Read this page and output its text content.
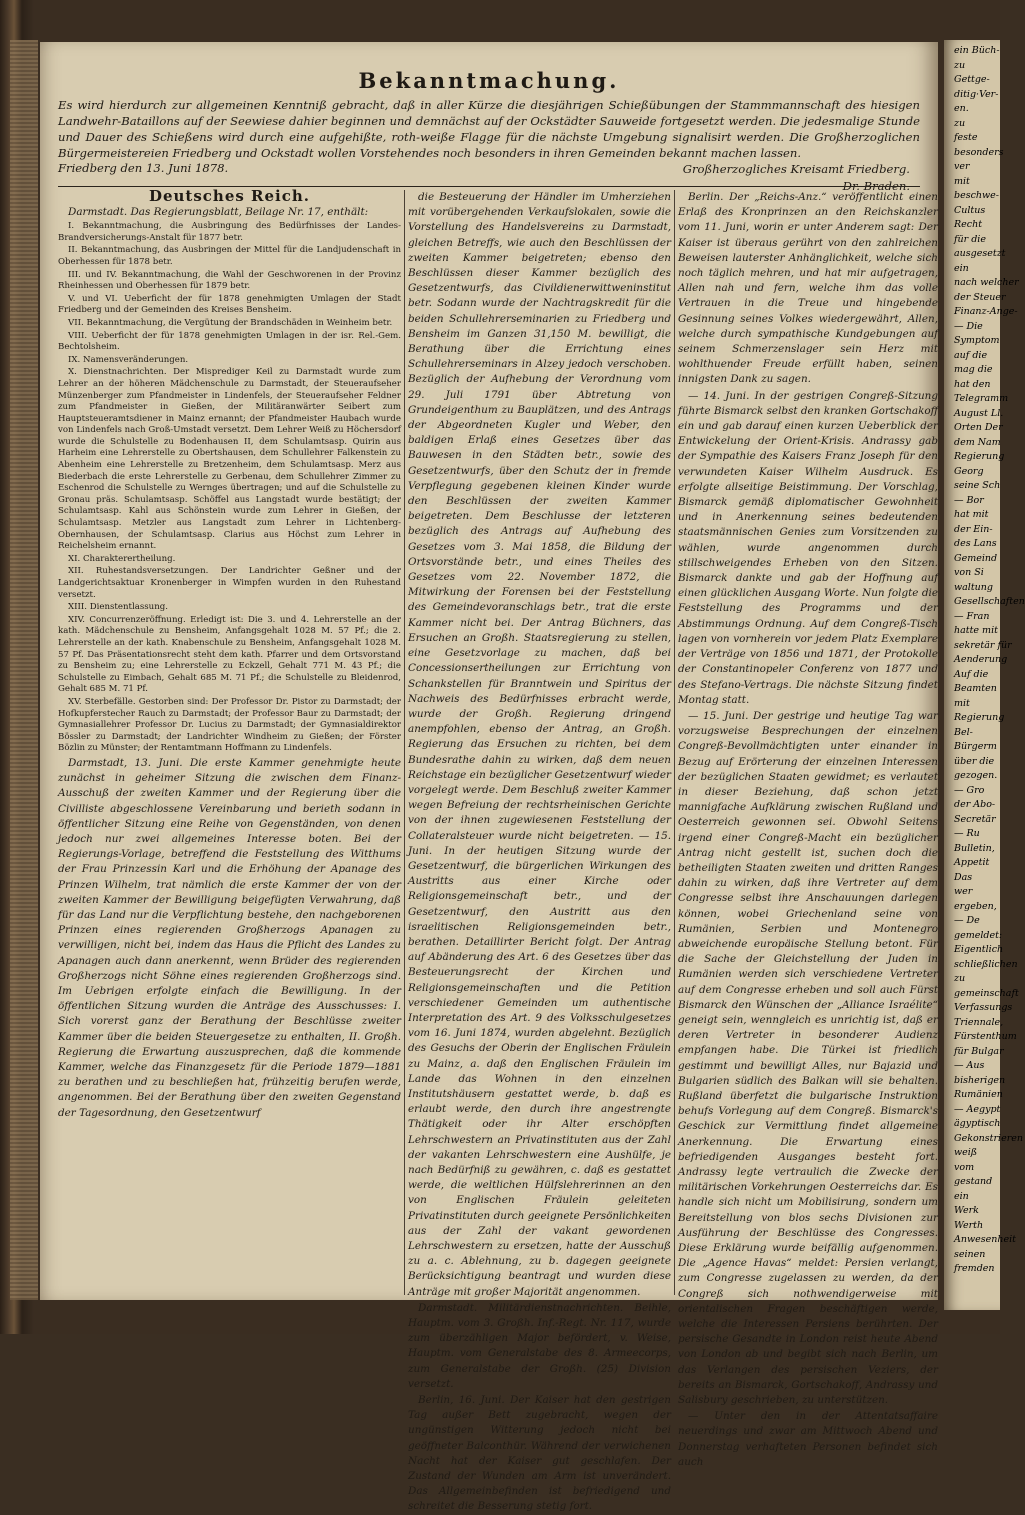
Bekanntmachung.

Es wird hierdurch zur allgemeinen Kenntniß gebracht, daß in aller Kürze die diesjährigen Schießübungen der Stammmannschaft des hiesigen Landwehr-Bataillons auf der Seewiese dahier beginnen und demnächst auf der Ockstädter Sauweide fortgesetzt werden. Die jedesmalige Stunde und Dauer des Schießens wird durch eine aufgehißte, roth-weiße Flagge für die nächste Umgebung signalisirt werden. Die Großherzoglichen Bürgermeistereien Friedberg und Ockstadt wollen Vorstehendes noch besonders in ihren Gemeinden bekannt machen lassen.

Friedberg den 13. Juni 1878.	Großherzogliches Kreisamt Friedberg.
Dr. Braden.
Deutsches Reich.

Darmstadt. Das Regierungsblatt, Beilage Nr. 17, enthält:

I. Bekanntmachung, die Ausbringung des Bedürfnisses der Landes-Brandversicherungs-Anstalt für 1877 betr.

II. Bekanntmachung, das Ausbringen der Mittel für die Landjudenschaft in Oberhessen für 1878 betr.

III. und IV. Bekanntmachung, die Wahl der Geschworenen in der Provinz Rheinhessen und Oberhessen für 1879 betr.

V. und VI. Ueberficht der für 1878 genehmigten Umlagen der Stadt Friedberg und der Gemeinden des Kreises Bensheim.

VII. Bekanntmachung, die Vergütung der Brandschäden in Weinheim betr.

VIII. Ueberficht der für 1878 genehmigten Umlagen in der isr. Rel.-Gem. Bechtolsheim.

IX. Namensveränderungen.

X. Dienstnachrichten. Der Misprediger Keil zu Darmstadt wurde zum Lehrer an der höheren Mädchenschule zu Darmstadt, der Steueraufseher Münzenberger zum Pfandmeister in Lindenfels, der Steueraufseher Feldner zum Pfandmeister in Gießen, der Militäranwärter Seibert zum Hauptsteueramtsdiener in Mainz ernannt; der Pfandmeister Haubach wurde von Lindenfels nach Groß-Umstadt versetzt. Dem Lehrer Weiß zu Höchersdorf wurde die Schulstelle zu Bodenhausen II, dem Schulamtsasp. Quirin aus Harheim eine Lehrerstelle zu Obertshausen, dem Schullehrer Falkenstein zu Abenheim eine Lehrerstelle zu Bretzenheim, dem Schulamtsasp. Merz aus Biederbach die erste Lehrerstelle zu Gerbenau, dem Schullehrer Zimmer zu Eschenrod die Schulstelle zu Wernges übertragen; und auf die Schulstelle zu Gronau präs. Schulamtsasp. Schöffel aus Langstadt wurde bestätigt; der Schulamtsasp. Kahl aus Schönstein wurde zum Lehrer in Gießen, der Schulamtsasp. Metzler aus Langstadt zum Lehrer in Lichtenberg-Obernhausen, der Schulamtsasp. Clarius aus Höchst zum Lehrer in Reichelsheim ernannt.

XI. Charakterertheilung.

XII. Ruhestandsversetzungen. Der Landrichter Geßner und der Landgerichtsaktuar Kronenberger in Wimpfen wurden in den Ruhestand versetzt.

XIII. Dienstentlassung.

XIV. Concurrenzeröffnung. Erledigt ist: Die 3. und 4. Lehrerstelle an der kath. Mädchenschule zu Bensheim, Anfangsgehalt 1028 M. 57 Pf.; die 2. Lehrerstelle an der kath. Knabenschule zu Bensheim, Anfangsgehalt 1028 M. 57 Pf. Das Präsentationsrecht steht dem kath. Pfarrer und dem Ortsvorstand zu Bensheim zu; eine Lehrerstelle zu Eckzell, Gehalt 771 M. 43 Pf.; die Schulstelle zu Eimbach, Gehalt 685 M. 71 Pf.; die Schulstelle zu Bleidenrod, Gehalt 685 M. 71 Pf.

XV. Sterbefälle. Gestorben sind: Der Professor Dr. Pistor zu Darmstadt; der Hofkupferstecher Rauch zu Darmstadt; der Professor Baur zu Darmstadt; der Gymnasiallehrer Professor Dr. Lucius zu Darmstadt; der Gymnasialdirektor Bössler zu Darmstadt; der Landrichter Windheim zu Gießen; der Förster Bözlin zu Münster; der Rentamtmann Hoffmann zu Lindenfels.

Darmstadt, 13. Juni. Die erste Kammer genehmigte heute zunächst in geheimer Sitzung die zwischen dem Finanz-Ausschuß der zweiten Kammer und der Regierung über die Civilliste abgeschlossene Vereinbarung und berieth sodann in öffentlicher Sitzung eine Reihe von Gegenständen, von denen jedoch nur zwei allgemeines Interesse boten. Bei der Regierungs-Vorlage, betreffend die Feststellung des Witthums der Frau Prinzessin Karl und die Erhöhung der Apanage des Prinzen Wilhelm, trat nämlich die erste Kammer der von der zweiten Kammer der Bewilligung beigefügten Verwahrung, daß für das Land nur die Verpflichtung bestehe, den nachgeborenen Prinzen eines regierenden Großherzogs Apanagen zu verwilligen, nicht bei, indem das Haus die Pflicht des Landes zu Apanagen auch dann anerkennt, wenn Brüder des regierenden Großherzogs nicht Söhne eines regierenden Großherzogs sind. Im Uebrigen erfolgte einfach die Bewilligung. In der öffentlichen Sitzung wurden die Anträge des Ausschusses: I. Sich vorerst ganz der Berathung der Beschlüsse zweiter Kammer über die beiden Steuergesetze zu enthalten, II. Großh. Regierung die Erwartung auszusprechen, daß die kommende Kammer, welche das Finanzgesetz für die Periode 1879—1881 zu berathen und zu beschließen hat, frühzeitig berufen werde, angenommen. Bei der Berathung über den zweiten Gegenstand der Tagesordnung, den Gesetzentwurf

die Besteuerung der Händler im Umherziehen mit vorübergehenden Verkaufslokalen, sowie die Vorstellung des Handelsvereins zu Darmstadt, gleichen Betreffs, wie auch den Beschlüssen der zweiten Kammer beigetreten; ebenso den Beschlüssen dieser Kammer bezüglich des Gesetzentwurfs, das Civildienerwittweninstitut betr. Sodann wurde der Nachtragskredit für die beiden Schullehrerseminarien zu Friedberg und Bensheim im Ganzen 31,150 M. bewilligt, die Berathung über die Errichtung eines Schullehrerseminars in Alzey jedoch verschoben. Bezüglich der Aufhebung der Verordnung vom 29. Juli 1791 über Abtretung von Grundeigenthum zu Bauplätzen, und des Antrags der Abgeordneten Kugler und Weber, den baldigen Erlaß eines Gesetzes über das Bauwesen in den Städten betr., sowie des Gesetzentwurfs, über den Schutz der in fremde Verpflegung gegebenen kleinen Kinder wurde den Beschlüssen der zweiten Kammer beigetreten. Dem Beschlusse der letzteren bezüglich des Antrags auf Aufhebung des Gesetzes vom 3. Mai 1858, die Bildung der Ortsvorstände betr., und eines Theiles des Gesetzes vom 22. November 1872, die Mitwirkung der Forensen bei der Feststellung des Gemeindevoranschlags betr., trat die erste Kammer nicht bei. Der Antrag Büchners, das Ersuchen an Großh. Staatsregierung zu stellen, eine Gesetzvorlage zu machen, daß bei Concessionsertheilungen zur Errichtung von Schankstellen für Branntwein und Spiritus der Nachweis des Bedürfnisses erbracht werde, wurde der Großh. Regierung dringend anempfohlen, ebenso der Antrag, an Großh. Regierung das Ersuchen zu richten, bei dem Bundesrathe dahin zu wirken, daß dem neuen Reichstage ein bezüglicher Gesetzentwurf wieder vorgelegt werde. Dem Beschluß zweiter Kammer wegen Befreiung der rechtsrheinischen Gerichte von der ihnen zugewiesenen Feststellung der Collateralsteuer wurde nicht beigetreten. — 15. Juni. In der heutigen Sitzung wurde der Gesetzentwurf, die bürgerlichen Wirkungen des Austritts aus einer Kirche oder Religionsgemeinschaft betr., und der Gesetzentwurf, den Austritt aus den israelitischen Religionsgemeinden betr., berathen. Detaillirter Bericht folgt. Der Antrag auf Abänderung des Art. 6 des Gesetzes über das Besteuerungsrecht der Kirchen und Religionsgemeinschaften und die Petition verschiedener Gemeinden um authentische Interpretation des Art. 9 des Volksschulgesetzes vom 16. Juni 1874, wurden abgelehnt. Bezüglich des Gesuchs der Oberin der Englischen Fräulein zu Mainz, a. daß den Englischen Fräulein im Lande das Wohnen in den einzelnen Institutshäusern gestattet werde, b. daß es erlaubt werde, den durch ihre angestrengte Thätigkeit oder ihr Alter erschöpften Lehrschwestern an Privatinstituten aus der Zahl der vakanten Lehrschwestern eine Aushülfe, je nach Bedürfniß zu gewähren, c. daß es gestattet werde, die weltlichen Hülfslehrerinnen an den von Englischen Fräulein geleiteten Privatinstituten durch geeignete Persönlichkeiten aus der Zahl der vakant gewordenen Lehrschwestern zu ersetzen, hatte der Ausschuß zu a. c. Ablehnung, zu b. dagegen geeignete Berücksichtigung beantragt und wurden diese Anträge mit großer Majorität angenommen.

Darmstadt. Militärdienstnachrichten. Beihle, Hauptm. vom 3. Großh. Inf.-Regt. Nr. 117, wurde zum überzähligen Major befördert, v. Weise, Hauptm. vom Generalstabe des 8. Armeecorps, zum Generalstabe der Großh. (25) Division versetzt.

Berlin, 16. Juni. Der Kaiser hat den gestrigen Tag außer Bett zugebracht, wegen der ungünstigen Witterung jedoch nicht bei geöffneter Balconthür. Während der verwichenen Nacht hat der Kaiser gut geschlafen. Der Zustand der Wunden am Arm ist unverändert. Das Allgemeinbefinden ist befriedigend und schreitet die Besserung stetig fort.

Berlin. Der „Reichs-Anz.“ veröffentlicht einen Erlaß des Kronprinzen an den Reichskanzler vom 11. Juni, worin er unter Anderem sagt: Der Kaiser ist überaus gerührt von den zahlreichen Beweisen lauterster Anhänglichkeit, welche sich noch täglich mehren, und hat mir aufgetragen, Allen nah und fern, welche ihm das volle Vertrauen in die Treue und hingebende Gesinnung seines Volkes wiedergewährt, Allen, welche durch sympathische Kundgebungen auf seinem Schmerzenslager sein Herz mit wohlthuender Freude erfüllt haben, seinen innigsten Dank zu sagen.

— 14. Juni. In der gestrigen Congreß-Sitzung führte Bismarck selbst den kranken Gortschakoff ein und gab darauf einen kurzen Ueberblick der Entwickelung der Orient-Krisis. Andrassy gab der Sympathie des Kaisers Franz Joseph für den verwundeten Kaiser Wilhelm Ausdruck. Es erfolgte allseitige Beistimmung. Der Vorschlag, Bismarck gemäß diplomatischer Gewohnheit und in Anerkennung seines bedeutenden staatsmännischen Genies zum Vorsitzenden zu wählen, wurde angenommen durch stillschweigendes Erheben von den Sitzen. Bismarck dankte und gab der Hoffnung auf einen glücklichen Ausgang Worte. Nun folgte die Feststellung des Programms und der Abstimmungs Ordnung. Auf dem Congreß-Tisch lagen von vornherein vor jedem Platz Exemplare der Verträge von 1856 und 1871, der Protokolle der Constantinopeler Conferenz von 1877 und des Stefano-Vertrags. Die nächste Sitzung findet Montag statt.

— 15. Juni. Der gestrige und heutige Tag war vorzugsweise Besprechungen der einzelnen Congreß-Bevollmächtigten unter einander in Bezug auf Erörterung der einzelnen Interessen der bezüglichen Staaten gewidmet; es verlautet in dieser Beziehung, daß schon jetzt mannigfache Aufklärung zwischen Rußland und Oesterreich gewonnen sei. Obwohl Seitens irgend einer Congreß-Macht ein bezüglicher Antrag nicht gestellt ist, suchen doch die betheiligten Staaten zweiten und dritten Ranges dahin zu wirken, daß ihre Vertreter auf dem Congresse selbst ihre Anschauungen darlegen können, wobei Griechenland seine von Rumänien, Serbien und Montenegro abweichende europäische Stellung betont. Für die Sache der Gleichstellung der Juden in Rumänien werden sich verschiedene Vertreter auf dem Congresse erheben und soll auch Fürst Bismarck den Wünschen der „Alliance Israélite“ geneigt sein, wenngleich es unrichtig ist, daß er deren Vertreter in besonderer Audienz empfangen habe. Die Türkei ist friedlich gestimmt und bewilligt Alles, nur Bajazid und Bulgarien südlich des Balkan will sie behalten. Rußland überfetzt die bulgarische Instruktion behufs Vorlegung auf dem Congreß. Bismarck's Geschick zur Vermittlung findet allgemeine Anerkennung. Die Erwartung eines befriedigenden Ausganges besteht fort. Andrassy legte vertraulich die Zwecke der militärischen Vorkehrungen Oesterreichs dar. Es handle sich nicht um Mobilisirung, sondern um Bereitstellung von blos sechs Divisionen zur Ausführung der Beschlüsse des Congresses. Diese Erklärung wurde beifällig aufgenommen. Die „Agence Havas“ meldet: Persien verlangt, zum Congresse zugelassen zu werden, da der Congreß sich nothwendigerweise mit orientalischen Fragen beschäftigen werde, welche die Interessen Persiens berührten. Der persische Gesandte in London reist heute Abend von London ab und begibt sich nach Berlin, um das Verlangen des persischen Veziers, der bereits an Bismarck, Gortschakoff, Andrassy und Salisbury geschrieben, zu unterstützen.

— Unter den in der Attentatsaffaire neuerdings und zwar am Mittwoch Abend und Donnerstag verhafteten Personen befindet sich auch

ein Büch-
zu
Gettge-
ditig·Ver-
en.
zu
feste
besonders
ver
mit
beschwe-
Cultus
Recht
für die
ausgesetzt
ein
nach welcher
der Steuer
Finanz-Ange-
— Die
Symptom
auf die
mag die
hat den
Telegramm
August Ll.
Orten Der
dem Nam
Regierung
Georg
seine Sch
— Bor
hat mit
der Ein-
des Lans
Gemeind
von Si
waltung
Gesellschaften
— Fran
hatte mit
sekretär für
Aenderung
Auf die
Beamten
mit
Regierung
Bel-
Bürgerm
über die
gezogen.
— Gro
der Abo-
Secretär
— Ru
Bulletin,
Appetit
Das
wer
ergeben,
— De
gemeldet:
Eigentlich
schließlichen
zu
gemeinschaft
Verfassungs
Triennale,
Fürstenthum
für Bulgar
— Aus
bisherigen
Rumänien
— Aegypt
ägyptisch
Gekonstrieren
weiß
vom
gestand
ein
Werk
Werth
Anwesenheit
seinen
fremden
